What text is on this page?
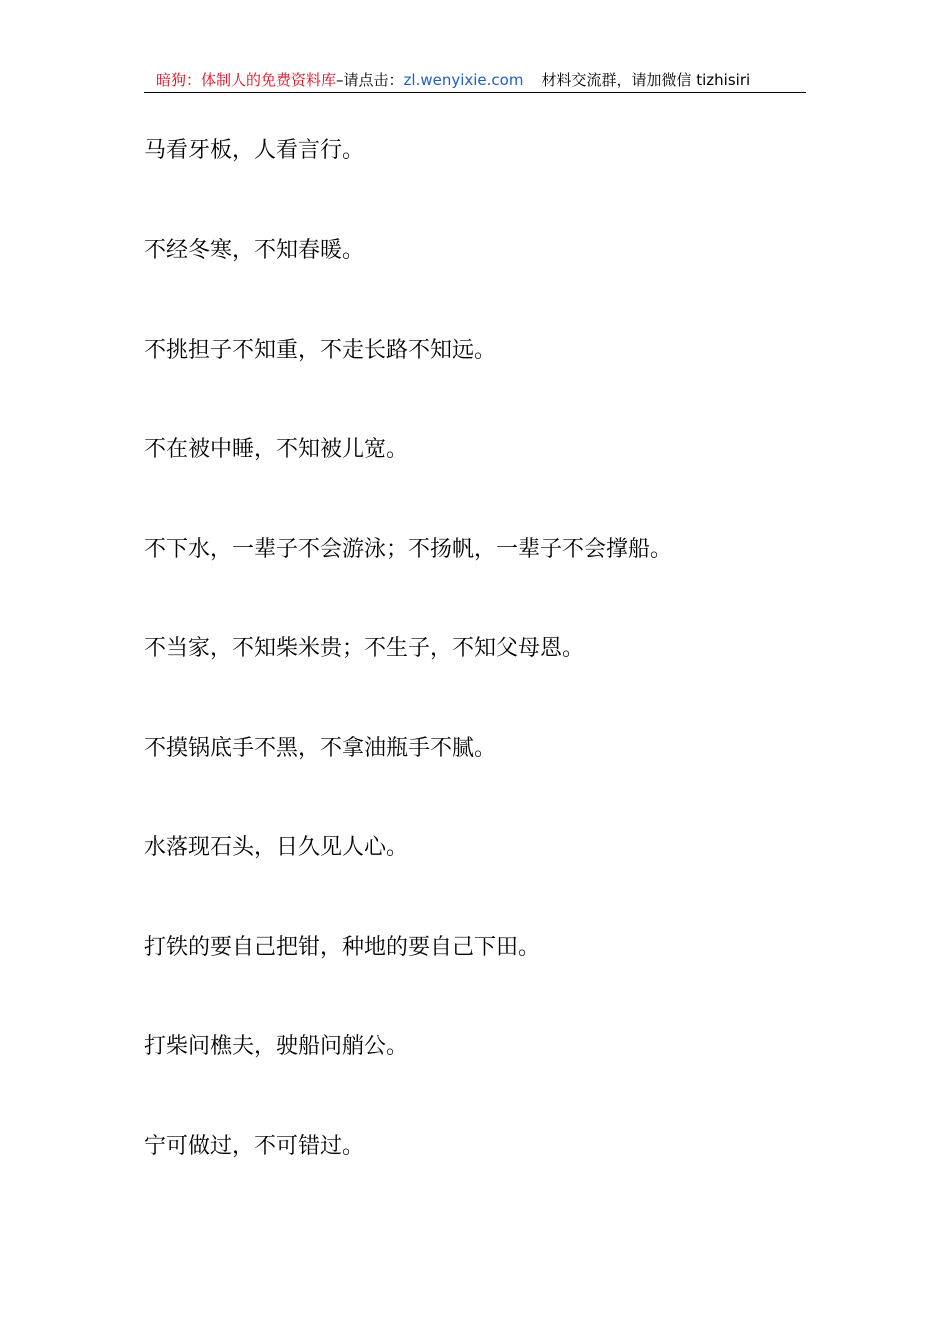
暗狗：体制人的免费资料库–请点击：zl.wenyixie.com 材料交流群，请加微信 tizhisiri
马看牙板，人看言行。
不经冬寒，不知春暖。
不挑担子不知重，不走长路不知远。
不在被中睡，不知被儿宽。
不下水，一辈子不会游泳；不扬帆，一辈子不会撑船。
不当家，不知柴米贵；不生子，不知父母恩。
不摸锅底手不黑，不拿油瓶手不腻。
水落现石头，日久见人心。
打铁的要自己把钳，种地的要自己下田。
打柴问樵夫，驶船问艄公。
宁可做过，不可错过。
